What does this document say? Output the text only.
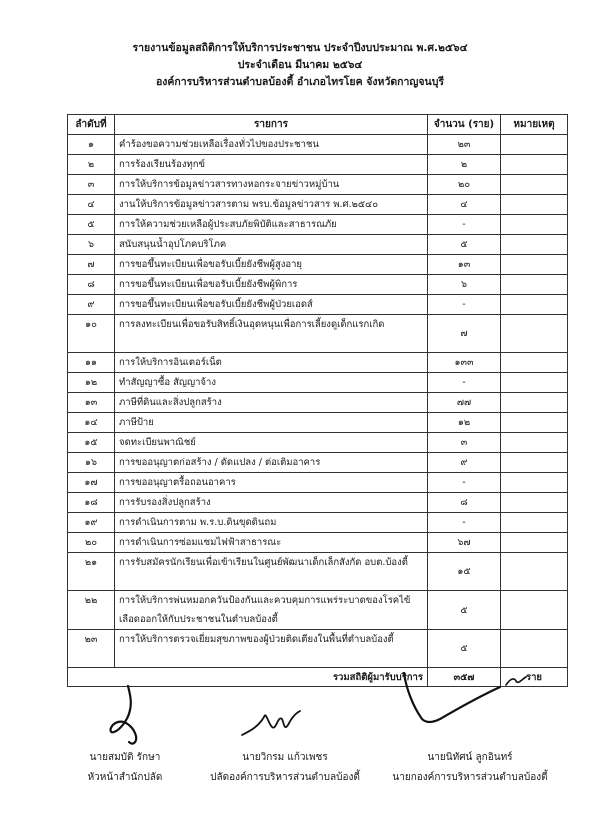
รายงานข้อมูลสถิติการให้บริการประชาชน ประจำปีงบประมาณ พ.ศ.๒๕๖๔
ประจำเดือน มีนาคม ๒๕๖๔
องค์การบริหารส่วนตำบลบ้องตี้ อำเภอไทรโยค จังหวัดกาญจนบุรี
ลำดับที่	รายการ	จำนวน (ราย)	หมายเหตุ
๑	คำร้องขอความช่วยเหลือเรื่องทั่วไปของประชาชน	๒๓	
๒	การร้องเรียนร้องทุกข์	๒	
๓	การให้บริการข้อมูลข่าวสารทางหอกระจายข่าวหมู่บ้าน	๒๐	
๔	งานให้บริการข้อมูลข่าวสารตาม พรบ.ข้อมูลข่าวสาร พ.ศ.๒๕๔๐	๔	
๕	การให้ความช่วยเหลือผู้ประสบภัยพิบัติและสาธารณภัย	-	
๖	สนับสนุนน้ำอุปโภคบริโภค	๕	
๗	การขอขึ้นทะเบียนเพื่อขอรับเบี้ยยังชีพผู้สูงอายุ	๑๓	
๘	การขอขึ้นทะเบียนเพื่อขอรับเบี้ยยังชีพผู้พิการ	๖	
๙	การขอขึ้นทะเบียนเพื่อขอรับเบี้ยยังชีพผู้ป่วยเอดส์	-	
๑๐	การลงทะเบียนเพื่อขอรับสิทธิ์เงินอุดหนุนเพื่อการเลี้ยงดูเด็กแรกเกิด	๗	
๑๑	การให้บริการอินเตอร์เน็ต	๑๓๓	
๑๒	ทำสัญญาซื้อ สัญญาจ้าง	-	
๑๓	ภาษีที่ดินและสิ่งปลูกสร้าง	๗๗	
๑๔	ภาษีป้าย	๑๒	
๑๕	จดทะเบียนพาณิชย์	๓	
๑๖	การขออนุญาตก่อสร้าง / ดัดแปลง / ต่อเติมอาคาร	๙	
๑๗	การขออนุญาตรื้อถอนอาคาร	-	
๑๘	การรับรองสิ่งปลูกสร้าง	๘	
๑๙	การดำเนินการตาม พ.ร.บ.ดินขุดดินถม	-	
๒๐	การดำเนินการซ่อมแซมไฟฟ้าสาธารณะ	๖๗	
๒๑	การรับสมัครนักเรียนเพื่อเข้าเรียนในศูนย์พัฒนาเด็กเล็กสังกัด อบต.บ้องตี้	๑๕	
๒๒	การให้บริการพ่นหมอกควันป้องกันและควบคุมการแพร่ระบาดของโรคไข้เลือดออกให้กับประชาชนในตำบลบ้องตี้	๕	
๒๓	การให้บริการตรวจเยี่ยมสุขภาพของผู้ป่วยติดเตียงในพื้นที่ตำบลบ้องตี้	๕	
รวมสถิติผู้มารับบริการ		๓๕๗	ราย
นายสมบัติ รักษา
หัวหน้าสำนักปลัด
นายวิกรม แก้วเพชร
ปลัดองค์การบริหารส่วนตำบลบ้องตี้
นายนิทัศน์ ลูกอินทร์
นายกองค์การบริหารส่วนตำบลบ้องตี้
